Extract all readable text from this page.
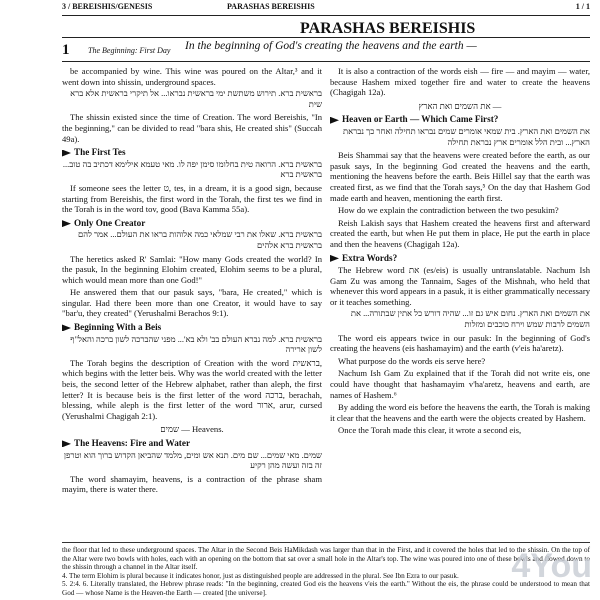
3 / BEREISHIS/GENESIS	PARASHAS BEREISHIS	1 / 1
PARASHAS BEREISHIS
1 The Beginning: First Day In the beginning of God's creating the heavens and the earth —

be accompanied by wine. This wine was poured on the Altar,³ and it went down into shissin, underground spaces.

בראשית ברא. תירוש משתשת ימי בראשית נבראו... אל תיקרי בראשית אלא ברא שית

The shissin existed since the time of Creation. The word Bereishis, "In the beginning," can be divided to read "bara shis, He created shis" (Succah 49a).

The First Tes

בראשית ברא. הרואה טית בחלומו סימן יפה לו. מאי טעמא אילימא דכתיב בה טוב... בראשית ברא

If someone sees the letter ט, tes, in a dream, it is a good sign, because starting from Bereishis, the first word in the Torah, the first tes we find in the Torah is in the word tov, good (Bava Kamma 55a).

Only One Creator

בראשית ברא. שאלו את רבי שמלאי כמה אלוהות בראו את העולם... אמר להם בראשית ברא אלהים

The heretics asked R' Samlai: "How many Gods created the world? In the pasuk, In the beginning Elohim created, Elohim seems to be a plural, which would mean more than one God!"

He answered them that our pasuk says, "bara, He created," which is singular. Had there been more than one Creator, it would have to say "bar'u, they created" (Yerushalmi Berachos 9:1).

Beginning With a Beis

בראשית ברא. למה נברא העולם בב' ולא בא'... מפני שהברכה לשון ברכה והאל"ף לשון ארירה

The Torah begins the description of Creation with the word בראשית, which begins with the letter beis. Why was the world created with the letter beis, the second letter of the Hebrew alphabet, rather than aleph, the first letter? It is because beis is the first letter of the word ברכה, berachah, blessing, while aleph is the first letter of the word ארור, arur, cursed (Yerushalmi Chagigah 2:1).

שמים — Heavens.
The Heavens: Fire and Water

שמים. מאי שמים... שם מים. תנא אש ומים, מלמד שהביאן הקדוש ברוך הוא וטרפן זה בזה ועשה מהן רקיע

The word shamayim, heavens, is a contraction of the phrase sham mayim, there is water there.

It is also a contraction of the words eish — fire — and mayim — water, because Hashem mixed together fire and water to create the heavens (Chagigah 12a).

את השמים ואת הארץ —
Heaven or Earth — Which Came First?

את השמים ואת הארץ. בית שמאי אומרים שמים נבראו תחילה ואחר כך נבראת הארץ... ובית הלל אומרים ארץ נבראת תחילה

Beis Shammai say that the heavens were created before the earth, as our pasuk says, In the beginning God created the heavens and the earth, mentioning the heavens before the earth. Beis Hillel say that the earth was created first, as we find that the Torah says,⁵ On the day that Hashem God made earth and heaven, mentioning the earth first.

How do we explain the contradiction between the two pesukim?

Reish Lakish says that Hashem created the heavens first and afterward created the earth, but when He put them in place, He put the earth in place and then the heavens (Chagigah 12a).

Extra Words?

The Hebrew word את (es/eis) is usually untranslatable. Nachum Ish Gam Zu was among the Tannaim, Sages of the Mishnah, who held that whenever this word appears in a pasuk, it is either grammatically necessary or it teaches something.

את השמים ואת הארץ. נחום איש גם זו... שהיה דורש כל אתין שבתורה... את השמים לרבות שמש וירח כוכבים ומזלות

The word eis appears twice in our pasuk: In the beginning of God's creating the heavens (eis hashamayim) and the earth (v'eis ha'aretz).

What purpose do the words eis serve here?

Nachum Ish Gam Zu explained that if the Torah did not write eis, one could have thought that hashamayim v'ha'aretz, heavens and earth, are names of Hashem.⁶

By adding the word eis before the heavens the earth, the Torah is making it clear that the heavens and the earth were the objects created by Hashem.

Once the Torah made this clear, it wrote a second eis,

the floor that led to these underground spaces. The Altar in the Second Beis HaMikdash was larger than that in the First, and it covered the holes that led to the shissin. On the top of the Altar were two bowls with holes, each with an opening on the bottom that sat over a small hole in the Altar's top. The wine was poured into one of these bowls and flowed down to the shissin through a channel in the Altar itself.

4. The term Elohim is plural because it indicates honor, just as distinguished people are addressed in the plural. See Ibn Ezra to our pasuk.

5. 2:4. 6. Literally translated, the Hebrew phrase reads: "In the beginning, created God eis the heavens v'eis the earth." Without the eis, the phrase could be understood to mean that God — whose Name is the Heaven-the Earth — created [the universe].

4You
